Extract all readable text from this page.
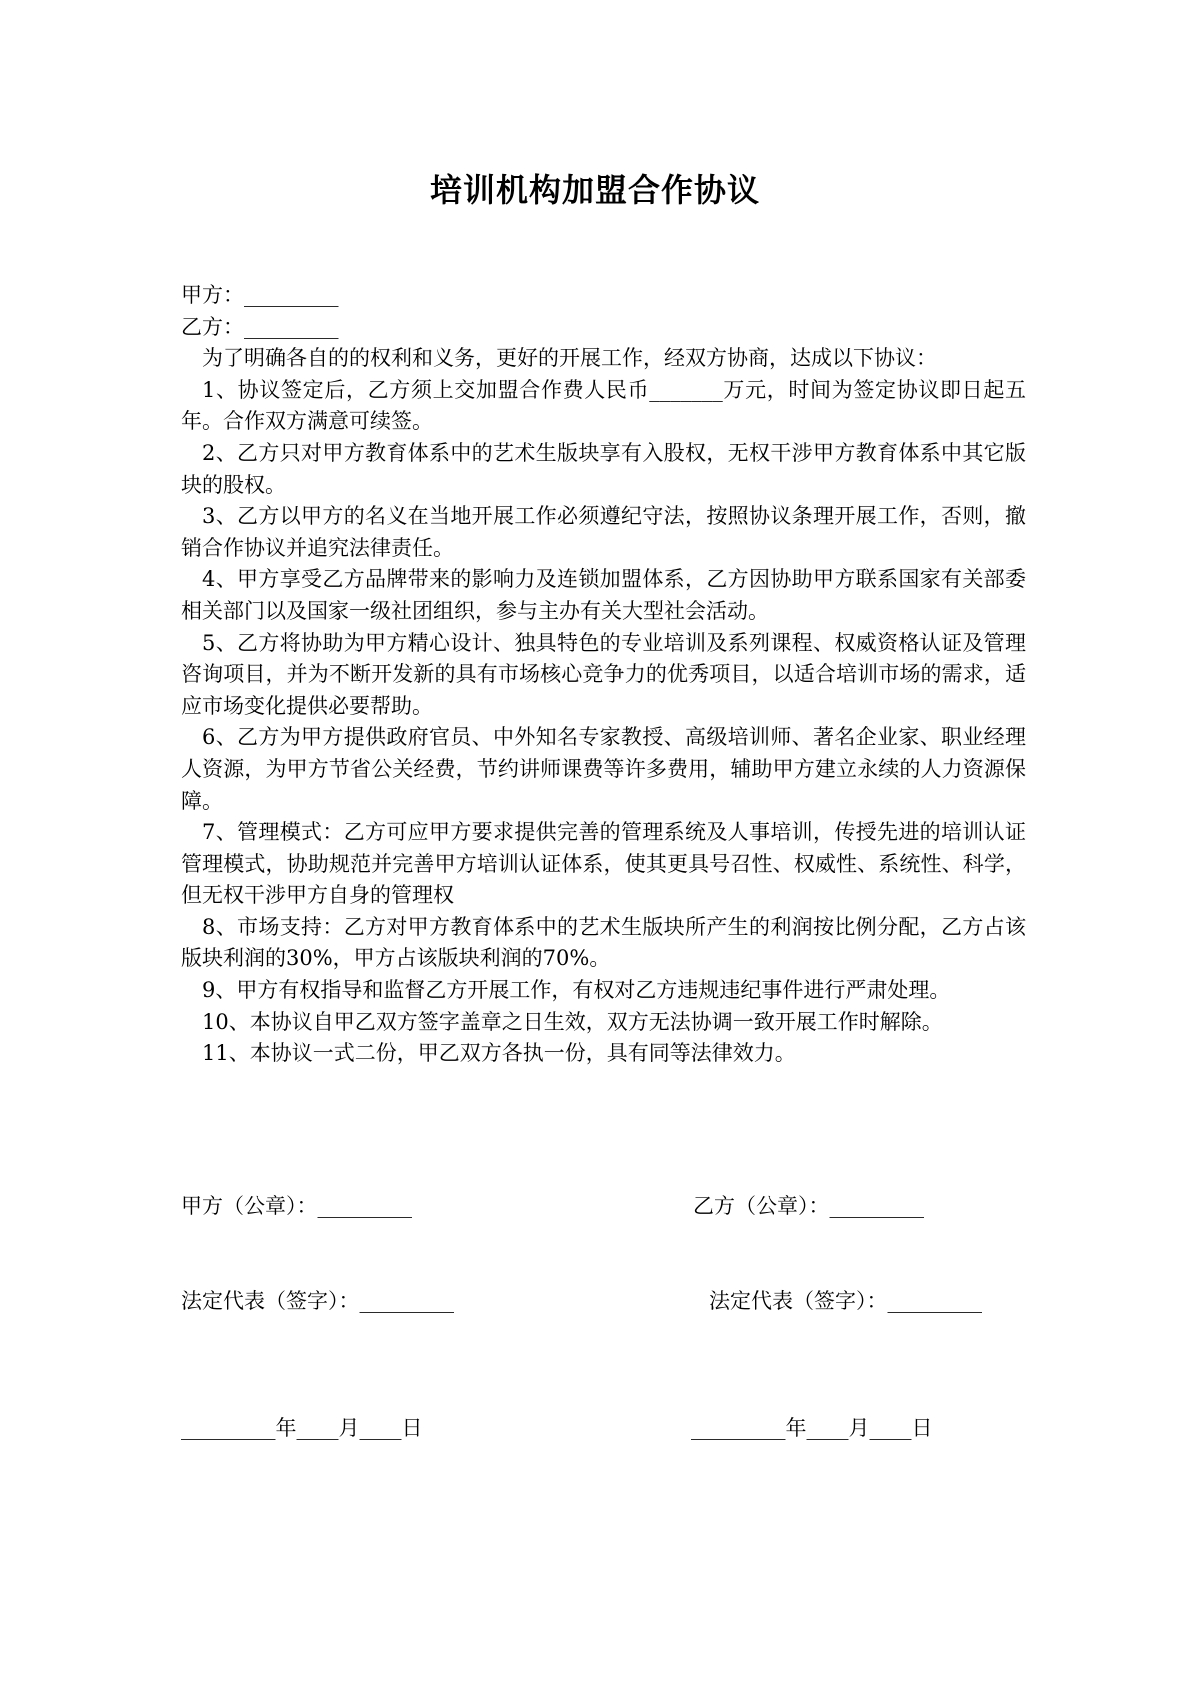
培训机构加盟合作协议
甲方：_________
乙方：_________
为了明确各自的的权利和义务，更好的开展工作，经双方协商，达成以下协议：
1、协议签定后，乙方须上交加盟合作费人民币_______万元，时间为签定协议即日起五年。合作双方满意可续签。
2、乙方只对甲方教育体系中的艺术生版块享有入股权，无权干涉甲方教育体系中其它版块的股权。
3、乙方以甲方的名义在当地开展工作必须遵纪守法，按照协议条理开展工作，否则，撤销合作协议并追究法律责任。
4、甲方享受乙方品牌带来的影响力及连锁加盟体系，乙方因协助甲方联系国家有关部委相关部门以及国家一级社团组织，参与主办有关大型社会活动。
5、乙方将协助为甲方精心设计、独具特色的专业培训及系列课程、权威资格认证及管理咨询项目，并为不断开发新的具有市场核心竞争力的优秀项目，以适合培训市场的需求，适应市场变化提供必要帮助。
6、乙方为甲方提供政府官员、中外知名专家教授、高级培训师、著名企业家、职业经理人资源，为甲方节省公关经费，节约讲师课费等许多费用，辅助甲方建立永续的人力资源保障。
7、管理模式：乙方可应甲方要求提供完善的管理系统及人事培训，传授先进的培训认证管理模式，协助规范并完善甲方培训认证体系，使其更具号召性、权威性、系统性、科学，但无权干涉甲方自身的管理权
8、市场支持：乙方对甲方教育体系中的艺术生版块所产生的利润按比例分配，乙方占该版块利润的30%，甲方占该版块利润的70%。
9、甲方有权指导和监督乙方开展工作，有权对乙方违规违纪事件进行严肃处理。
10、本协议自甲乙双方签字盖章之日生效，双方无法协调一致开展工作时解除。
11、本协议一式二份，甲乙双方各执一份，具有同等法律效力。
甲方（公章）：_________	乙方（公章）：_________
法定代表（签字）：_________	法定代表（签字）：_________
_________年____月____日	_________年____月____日
